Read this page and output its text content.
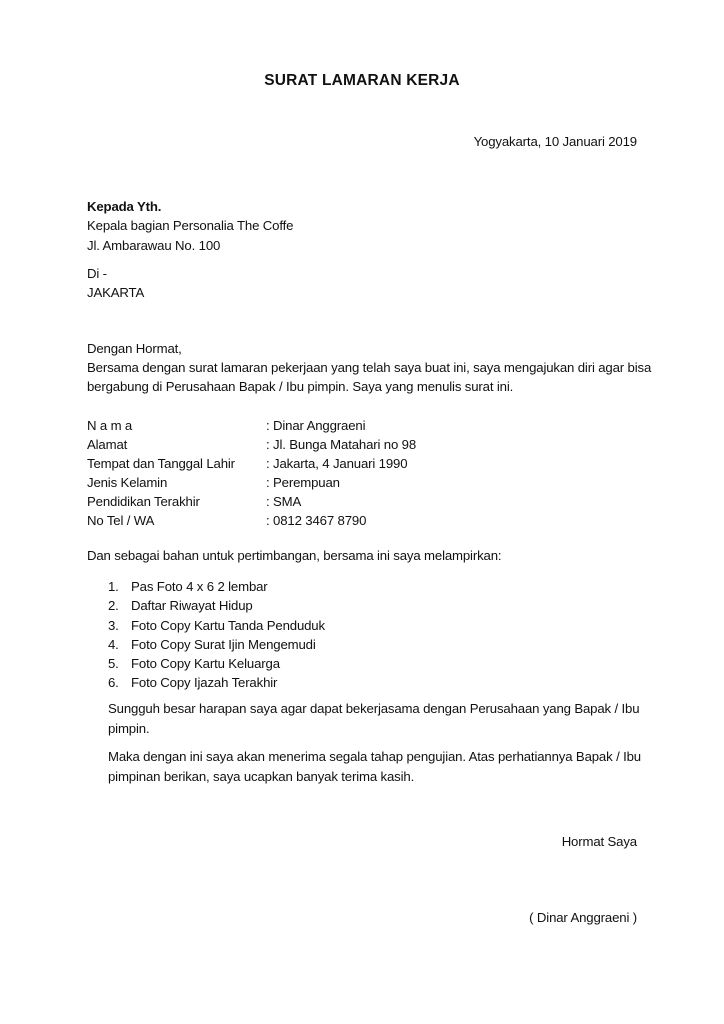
SURAT LAMARAN KERJA
Yogyakarta, 10 Januari 2019
Kepada Yth.
Kepala bagian Personalia The Coffe
Jl. Ambarawau No. 100
Di -
JAKARTA
Dengan Hormat,
Bersama dengan surat lamaran pekerjaan yang telah saya buat ini, saya mengajukan diri agar bisa
bergabung di Perusahaan Bapak / Ibu pimpin. Saya yang menulis surat ini.
N a m a	: Dinar Anggraeni
Alamat	: Jl. Bunga Matahari no 98
Tempat dan Tanggal Lahir : Jakarta, 4 Januari 1990
Jenis Kelamin	: Perempuan
Pendidikan Terakhir	: SMA
No Tel / WA	: 0812 3467 8790
Dan sebagai bahan untuk pertimbangan, bersama ini saya melampirkan:
1. Pas Foto 4 x 6 2 lembar
2. Daftar Riwayat Hidup
3. Foto Copy Kartu Tanda Penduduk
4. Foto Copy Surat Ijin Mengemudi
5. Foto Copy Kartu Keluarga
6. Foto Copy Ijazah Terakhir
Sungguh besar harapan saya agar dapat bekerjasama dengan Perusahaan yang Bapak / Ibu
pimpin.
Maka dengan ini saya akan menerima segala tahap pengujian. Atas perhatiannya Bapak / Ibu
pimpinan berikan, saya ucapkan banyak terima kasih.
Hormat Saya
( Dinar Anggraeni )
